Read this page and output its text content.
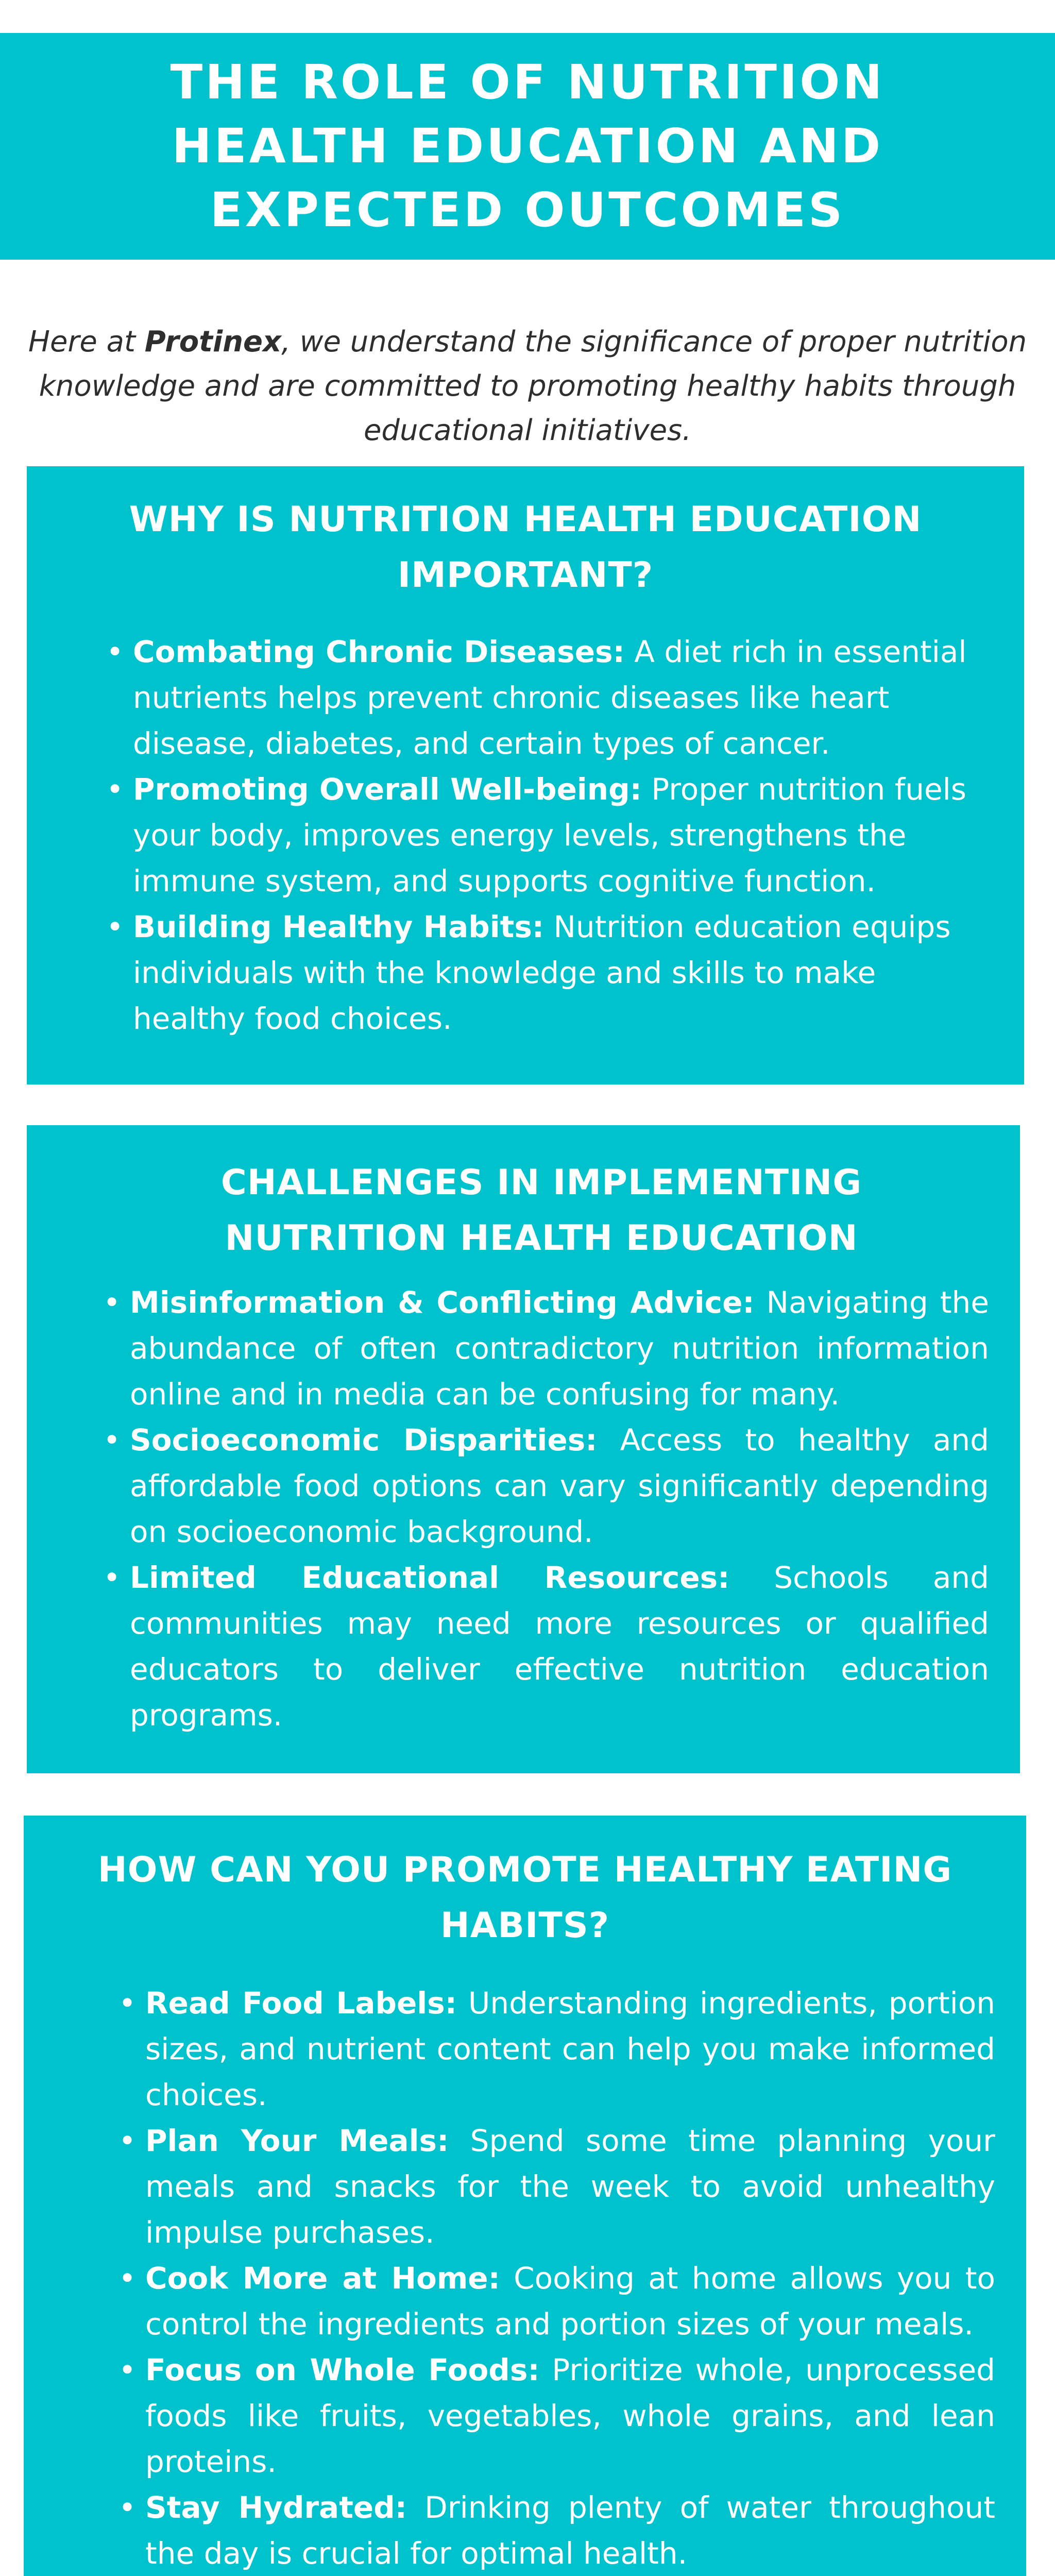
THE ROLE OF NUTRITION HEALTH EDUCATION AND EXPECTED OUTCOMES

Here at Protinex, we understand the significance of proper nutrition knowledge and are committed to promoting healthy habits through educational initiatives.

WHY IS NUTRITION HEALTH EDUCATION IMPORTANT?
• Combating Chronic Diseases: A diet rich in essential nutrients helps prevent chronic diseases like heart disease, diabetes, and certain types of cancer.
• Promoting Overall Well-being: Proper nutrition fuels your body, improves energy levels, strengthens the immune system, and supports cognitive function.
• Building Healthy Habits: Nutrition education equips individuals with the knowledge and skills to make healthy food choices.
CHALLENGES IN IMPLEMENTING NUTRITION HEALTH EDUCATION
• Misinformation & Conflicting Advice: Navigating the abundance of often contradictory nutrition information online and in media can be confusing for many.
• Socioeconomic Disparities: Access to healthy and affordable food options can vary significantly depending on socioeconomic background.
• Limited Educational Resources: Schools and communities may need more resources or qualified educators to deliver effective nutrition education programs.
HOW CAN YOU PROMOTE HEALTHY EATING HABITS?
• Read Food Labels: Understanding ingredients, portion sizes, and nutrient content can help you make informed choices.
• Plan Your Meals: Spend some time planning your meals and snacks for the week to avoid unhealthy impulse purchases.
• Cook More at Home: Cooking at home allows you to control the ingredients and portion sizes of your meals.
• Focus on Whole Foods: Prioritize whole, unprocessed foods like fruits, vegetables, whole grains, and lean proteins.
• Stay Hydrated: Drinking plenty of water throughout the day is crucial for optimal health.
